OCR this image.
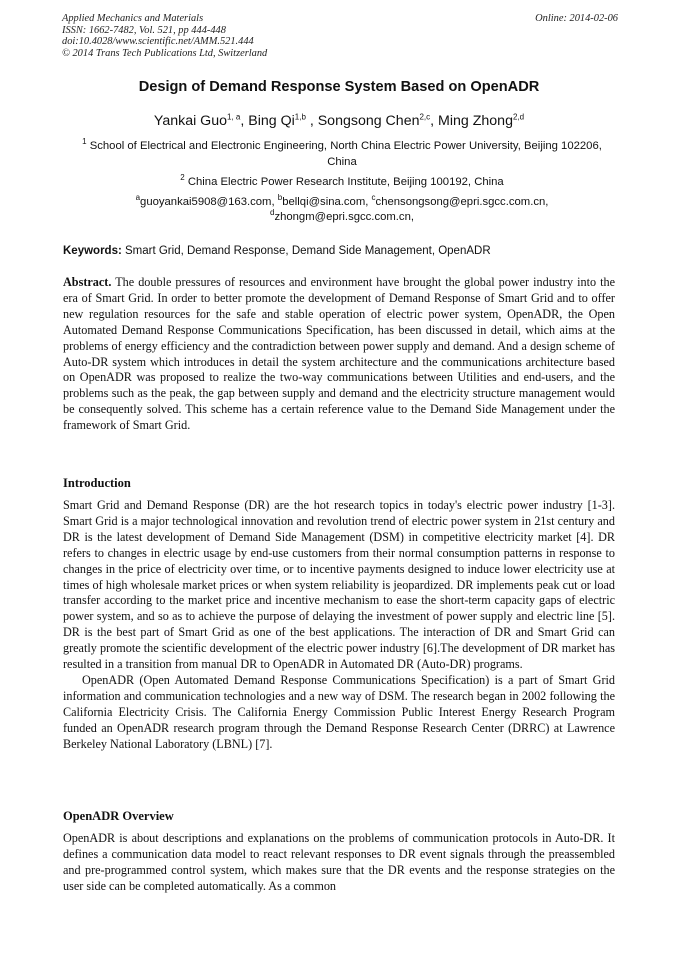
Applied Mechanics and Materials
ISSN: 1662-7482, Vol. 521, pp 444-448
doi:10.4028/www.scientific.net/AMM.521.444
© 2014 Trans Tech Publications Ltd, Switzerland
Online: 2014-02-06
Design of Demand Response System Based on OpenADR
Yankai Guo$^{1, a}$, Bing Qi$^{1,b}$ , Songsong Chen$^{2,c}$, Ming Zhong$^{2,d}$
$^1$ School of Electrical and Electronic Engineering, North China Electric Power University, Beijing 102206, China
$^2$ China Electric Power Research Institute, Beijing 100192, China
$^a$guoyankai5908@163.com, $^b$bellqi@sina.com, $^c$chensongsong@epri.sgcc.com.cn,
$^d$zhongm@epri.sgcc.com.cn,
Keywords: Smart Grid, Demand Response, Demand Side Management, OpenADR
Abstract. The double pressures of resources and environment have brought the global power industry into the era of Smart Grid. In order to better promote the development of Demand Response of Smart Grid and to offer new regulation resources for the safe and stable operation of electric power system, OpenADR, the Open Automated Demand Response Communications Specification, has been discussed in detail, which aims at the problems of energy efficiency and the contradiction between power supply and demand. And a design scheme of Auto-DR system which introduces in detail the system architecture and the communications architecture based on OpenADR was proposed to realize the two-way communications between Utilities and end-users, and the problems such as the peak, the gap between supply and demand and the electricity structure management would be consequently solved. This scheme has a certain reference value to the Demand Side Management under the framework of Smart Grid.
Introduction

Smart Grid and Demand Response (DR) are the hot research topics in today's electric power industry [1-3]. Smart Grid is a major technological innovation and revolution trend of electric power system in 21st century and DR is the latest development of Demand Side Management (DSM) in competitive electricity market [4]. DR refers to changes in electric usage by end-use customers from their normal consumption patterns in response to changes in the price of electricity over time, or to incentive payments designed to induce lower electricity use at times of high wholesale market prices or when system reliability is jeopardized. DR implements peak cut or load transfer according to the market price and incentive mechanism to ease the short-term capacity gaps of electric power system, and so as to achieve the purpose of delaying the investment of power supply and electric line [5]. DR is the best part of Smart Grid as one of the best applications. The interaction of DR and Smart Grid can greatly promote the scientific development of the electric power industry [6].The development of DR market has resulted in a transition from manual DR to OpenADR in Automated DR (Auto-DR) programs.

OpenADR (Open Automated Demand Response Communications Specification) is a part of Smart Grid information and communication technologies and a new way of DSM. The research began in 2002 following the California Electricity Crisis. The California Energy Commission Public Interest Energy Research Program funded an OpenADR research program through the Demand Response Research Center (DRRC) at Lawrence Berkeley National Laboratory (LBNL) [7].

OpenADR Overview

OpenADR is about descriptions and explanations on the problems of communication protocols in Auto-DR. It defines a communication data model to react relevant responses to DR event signals through the preassembled and pre-programmed control system, which makes sure that the DR events and the response strategies on the user side can be completed automatically. As a common
